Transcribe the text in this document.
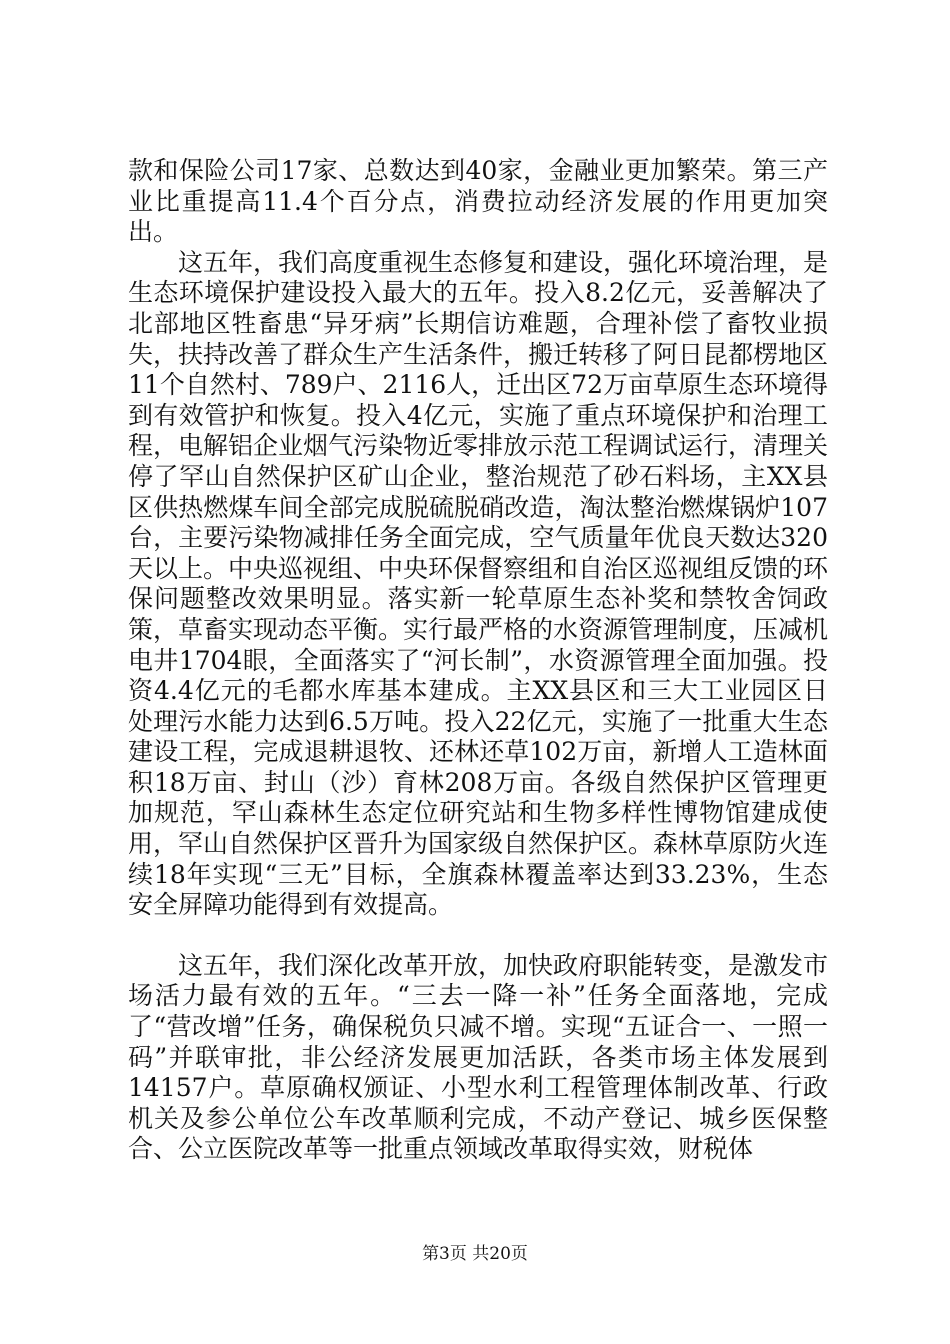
款和保险公司17家、总数达到40家，金融业更加繁荣。第三产业比重提高11.4个百分点，消费拉动经济发展的作用更加突出。

这五年，我们高度重视生态修复和建设，强化环境治理，是生态环境保护建设投入最大的五年。投入8.2亿元，妥善解决了北部地区牲畜患“异牙病”长期信访难题，合理补偿了畜牧业损失，扶持改善了群众生产生活条件，搬迁转移了阿日昆都楞地区11个自然村、789户、2116人，迁出区72万亩草原生态环境得到有效管护和恢复。投入4亿元，实施了重点环境保护和治理工程，电解铝企业烟气污染物近零排放示范工程调试运行，清理关停了罕山自然保护区矿山企业，整治规范了砂石料场，主XX县区供热燃煤车间全部完成脱硫脱硝改造，淘汰整治燃煤锅炉107台，主要污染物减排任务全面完成，空气质量年优良天数达320天以上。中央巡视组、中央环保督察组和自治区巡视组反馈的环保问题整改效果明显。落实新一轮草原生态补奖和禁牧舍饲政策，草畜实现动态平衡。实行最严格的水资源管理制度，压减机电井1704眼，全面落实了“河长制”，水资源管理全面加强。投资4.4亿元的毛都水库基本建成。主XX县区和三大工业园区日处理污水能力达到6.5万吨。投入22亿元，实施了一批重大生态建设工程，完成退耕退牧、还林还草102万亩，新增人工造林面积18万亩、封山（沙）育林208万亩。各级自然保护区管理更加规范，罕山森林生态定位研究站和生物多样性博物馆建成使用，罕山自然保护区晋升为国家级自然保护区。森林草原防火连续18年实现“三无”目标，全旗森林覆盖率达到33.23%，生态安全屏障功能得到有效提高。

这五年，我们深化改革开放，加快政府职能转变，是激发市场活力最有效的五年。“三去一降一补”任务全面落地，完成了“营改增”任务，确保税负只减不增。实现“五证合一、一照一码”并联审批，非公经济发展更加活跃，各类市场主体发展到14157户。草原确权颁证、小型水利工程管理体制改革、行政机关及参公单位公车改革顺利完成，不动产登记、城乡医保整合、公立医院改革等一批重点领域改革取得实效，财税体

第3页 共20页
